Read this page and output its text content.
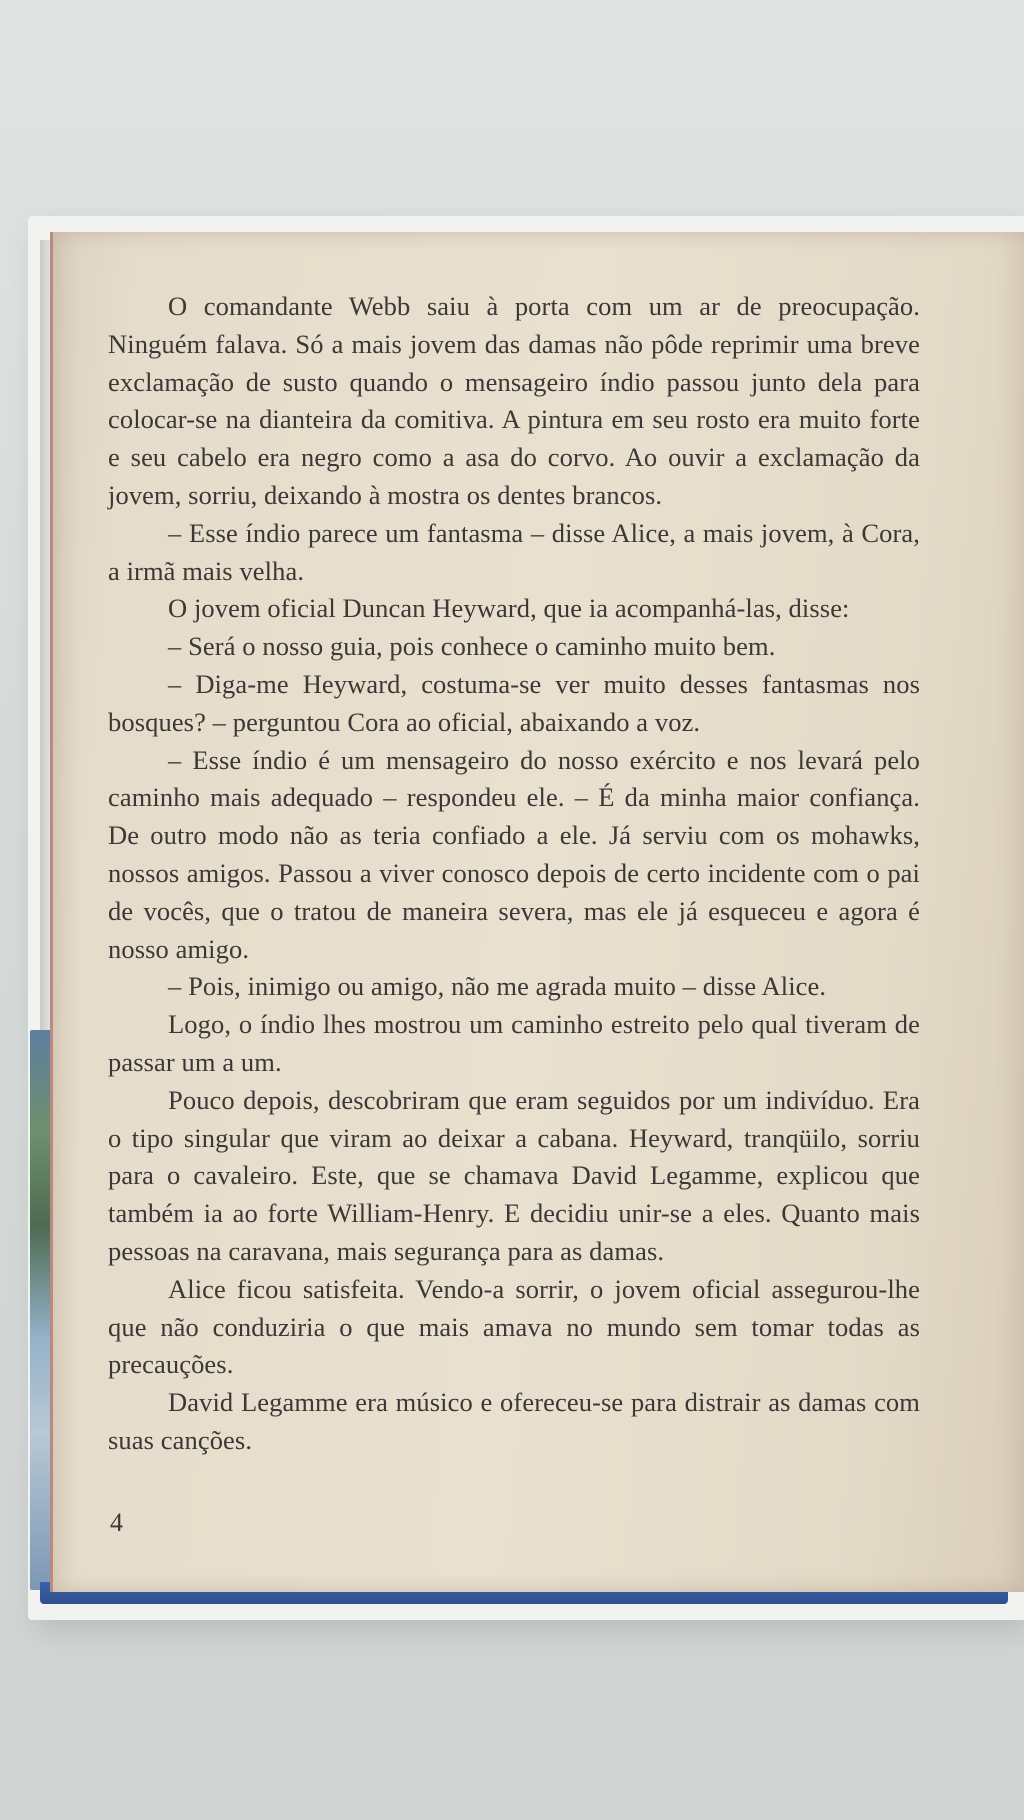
O comandante Webb saiu à porta com um ar de preocupação. Ninguém falava. Só a mais jovem das damas não pôde reprimir uma breve exclamação de susto quando o mensageiro índio passou junto dela para colocar-se na dianteira da comitiva. A pintura em seu rosto era muito forte e seu cabelo era negro como a asa do corvo. Ao ouvir a exclamação da jovem, sorriu, deixando à mostra os dentes brancos.

– Esse índio parece um fantasma – disse Alice, a mais jovem, à Cora, a irmã mais velha.

O jovem oficial Duncan Heyward, que ia acompanhá-las, disse:

– Será o nosso guia, pois conhece o caminho muito bem.

– Diga-me Heyward, costuma-se ver muito desses fantasmas nos bosques? – perguntou Cora ao oficial, abaixando a voz.

– Esse índio é um mensageiro do nosso exército e nos levará pelo caminho mais adequado – respondeu ele. – É da minha maior confiança. De outro modo não as teria confiado a ele. Já serviu com os mohawks, nossos amigos. Passou a viver conosco depois de certo incidente com o pai de vocês, que o tratou de maneira severa, mas ele já esqueceu e agora é nosso amigo.

– Pois, inimigo ou amigo, não me agrada muito – disse Alice.

Logo, o índio lhes mostrou um caminho estreito pelo qual tiveram de passar um a um.

Pouco depois, descobriram que eram seguidos por um indivíduo. Era o tipo singular que viram ao deixar a cabana. Heyward, tranqüilo, sorriu para o cavaleiro. Este, que se chamava David Legamme, explicou que também ia ao forte William-Henry. E decidiu unir-se a eles. Quanto mais pessoas na caravana, mais segurança para as damas.

Alice ficou satisfeita. Vendo-a sorrir, o jovem oficial assegurou-lhe que não conduziria o que mais amava no mundo sem tomar todas as precauções.

David Legamme era músico e ofereceu-se para distrair as damas com suas canções.

4
